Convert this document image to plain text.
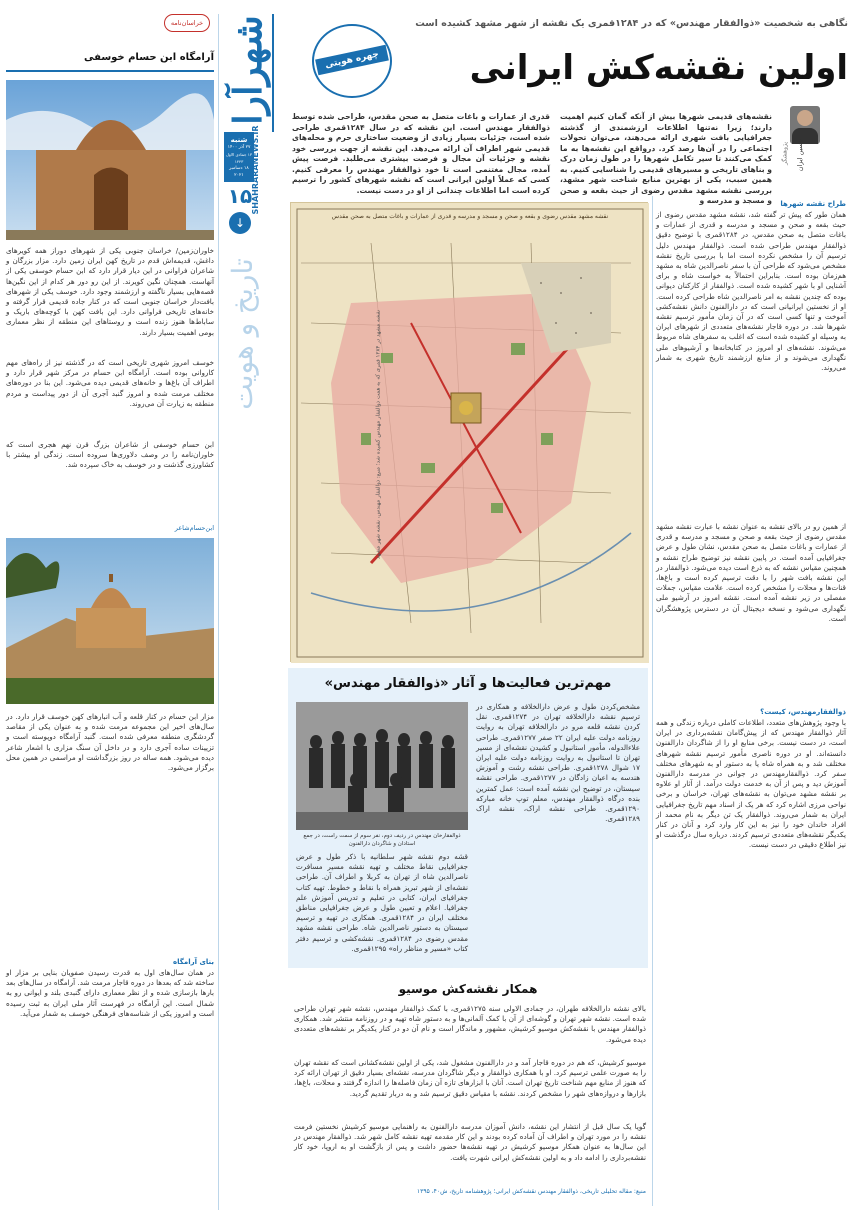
شهرآرا
شنبه
۲۷ آذر ۱۴۰۰
۱۳ جمادی الاول ۱۴۴۳
۱۸ دسامبر ۲۰۲۱ SHAHRARANEWS.IR
۱۵
↓
تاریخ و هویت
نگاهی به شخصیت «ذوالفقار مهندس» که در ۱۲۸۴قمری یک نقشه از شهر مشهد کشیده است
چهره هویتی	اولین نقشه‌کش ایرانی
حسین ایزان
پژوهشگر
نقشه‌های قدیمی شهرها بیش از آنکه گمان کنیم اهمیت دارند؛ زیرا نه‌تنها اطلاعات ارزشمندی از گذشته جغرافیایی بافت شهری ارائه می‌دهند، می‌توان تحولات اجتماعی را در آن‌ها رصد کرد. درواقع این نقشه‌ها به ما کمک می‌کنند تا سیر تکامل شهرها را در طول زمان درک و بناهای تاریخی و مسیرهای قدیمی را شناسایی کنیم. به همین سبب، یکی از بهترین منابع شناخت شهر مشهد، بررسی نقشه مشهد مقدس رضوی از حیث بقعه و صحن و مسجد و مدرسه و
قدری از عمارات و باغات متصل به صحن مقدس، طراحی شده توسط ذوالفقار مهندس است. این نقشه که در سال ۱۲۸۴قمری طراحی شده است، جزئیات بسیار زیادی از وضعیت ساختاری حرم و محله‌های قدیمی شهر اطراف آن ارائه می‌دهد. این نقشه از جهت بررسی خود نقشه و جزئیات آن مجال و فرصت بیشتری می‌طلبد. فرصت پیش آمده، مجال مغتنمی است تا خود ذوالفقار مهندس را معرفی کنیم. کسی که عملاً اولین ایرانی است که نقشه شهرهای کشور را ترسیم کرده است اما اطلاعات چندانی از او در دست نیست.
نقشه مشهد مقدس رضوی و بقعه و صحن و مسجد و مدرسه و قدری از عمارات و باغات متصل به صحن مقدس
نقشه مشهد در ۱۲۸۴ قمری که به همت ذوالفقار مهندس کشیده شد؛ منبع: ذوالفقار مهندس، نقشه شهر مشهد
طراح نقشه شهرها
همان طور که پیش تر گفته شد، نقشه مشهد مقدس رضوی از حیث بقعه و صحن و مسجد و مدرسه و قدری از عمارات و باغات متصل به صحن مقدس، در ۱۲۸۴قمری با توضیح دقیق ذوالفقار مهندس طراحی شده است. ذوالفقار مهندس دلیل ترسیم آن را مشخص نکرده است اما با بررسی تاریخ نقشه مشخص می‌شود که طراحی آن با سفر ناصرالدین شاه به مشهد هم‌زمان بوده است. بنابراین احتمالاً به خواست شاه و برای آشنایی او با شهر کشیده شده است. ذوالفقار از کارکنان دیوانی بوده که چندین نقشه به امر ناصرالدین شاه طراحی کرده است. او از نخستین ایرانیانی است که در دارالفنون دانش نقشه‌کشی آموخت و تنها کسی است که در آن زمان مأمور ترسیم نقشه شهرها شد. در دوره قاجار نقشه‌های متعددی از شهرهای ایران به وسیله او کشیده شده است که اغلب به سفرهای شاه مربوط می‌شوند. نقشه‌های او امروز در کتابخانه‌ها و آرشیوهای ملی نگهداری می‌شوند و از منابع ارزشمند تاریخ شهری به شمار می‌روند.
از همین رو در بالای نقشه به عنوان نقشه با عبارت نقشه مشهد مقدس رضوی از حیث بقعه و صحن و مسجد و مدرسه و قدری از عمارات و باغات متصل به صحن مقدس، نشان طول و عرض جغرافیایی آمده است. در پایین نقشه نیز توضیح طراح نقشه و همچنین مقیاس نقشه که به ذرع است دیده می‌شود. ذوالفقار در این نقشه بافت شهر را با دقت ترسیم کرده است و باغ‌ها، قنات‌ها و محلات را مشخص کرده است. علامت مقیاس، جملات مفصلی در زیر نقشه آمده است. نقشه امروز در آرشیو ملی نگهداری می‌شود و نسخه دیجیتال آن در دسترس پژوهشگران است.
ذوالفقارمهندس، کیست؟
با وجود پژوهش‌های متعدد، اطلاعات کاملی درباره زندگی و همه آثار ذوالفقار مهندس که از پیش‌گامان نقشه‌برداری در ایران است، در دست نیست. برخی منابع او را از شاگردان دارالفنون دانسته‌اند. او در دوره ناصری مأمور ترسیم نقشه شهرهای مختلف شد و به همراه شاه یا به دستور او به شهرهای مختلف سفر کرد. ذوالفقارمهندس در جوانی در مدرسه دارالفنون آموزش دید و پس از آن به خدمت دولت درآمد. از آثار او علاوه بر نقشه مشهد می‌توان به نقشه‌های تهران، خراسان و برخی نواحی مرزی اشاره کرد که هر یک از اسناد مهم تاریخ جغرافیایی ایران به شمار می‌روند. ذوالفقار یک تن دیگر به نام محمد از افراد خاندان خود را نیز به این کار وارد کرد و آنان در کنار یکدیگر نقشه‌های متعددی ترسیم کردند. درباره سال درگذشت او نیز اطلاع دقیقی در دست نیست.
مهم‌ترین فعالیت‌ها و آثار «ذوالفقار مهندس»
مشخص‌کردن طول و عرض دارالخلافه و همکاری در ترسیم نقشه دارالخلافه تهران در ۱۲۷۴قمری. نقل کردن نقشه قلعه مرو در دارالخلافه تهران به روایت روزنامه دولت علیه ایران ۲۲ صفر ۱۲۷۷قمری. طراحی علاءالدوله، مأمور استانبول و کشیدن نقشه‌ای از مسیر تهران تا استانبول به روایت روزنامه دولت علیه ایران ۱۷ شوال ۱۲۷۸قمری. طراحی نقشه رشت و آموزش هندسه به اعیان زادگان در ۱۲۷۷قمری. طراحی نقشه سیستان، در توضیح این نقشه آمده است: عمل کمترین بنده درگاه ذوالفقار مهندس، معلم توپ خانه مبارکه ۱۲۹۰قمری. طراحی نقشه اراک، نقشه اراک ۱۲۸۹قمری.
ذوالفقارخان مهندس در ردیف دوم، نفر سوم از سمت راست، در جمع استادان و شاگردان دارالفنون
قشه دوم نقشه شهر سلطانیه با ذکر طول و عرض جغرافیایی نقاط مختلف و تهیه نقشه مسیر مسافرت ناصرالدین شاه از تهران به کربلا و اطراف آن. طراحی نقشه‌ای از شهر تبریز همراه با نقاط و خطوط. تهیه کتاب جغرافیای ایران، کتابی در تعلیم و تدریس آموزش علم جغرافیا. اعلام و تعیین طول و عرض جغرافیایی مناطق مختلف ایران در ۱۲۸۴قمری. همکاری در تهیه و ترسیم سیستان به دستور ناصرالدین شاه. طراحی نقشه مشهد مقدس رضوی در ۱۲۸۴قمری. نقشه‌کشی و ترسیم دفتر کتاب «مسیر و مناظر راه» ۱۲۹۵قمری.
همکار نقشه‌کش موسیو
بالای نقشه دارالخلافه طهران، در جمادی الاولی سنه ۱۲۷۵قمری، با کمک ذوالفقار مهندس، نقشه شهر تهران طراحی شده است. نقشه شهر تهران و گوشه‌ای از آن با کمک آلمانی‌ها و به دستور شاه تهیه و در روزنامه منتشر شد. همکاری ذوالفقار مهندس با نقشه‌کش موسیو کرشیش، مشهور و ماندگار است و نام آن دو در کنار یکدیگر بر نقشه‌های متعددی دیده می‌شود.
موسیو کرشیش، که هم در دوره قاجار آمد و در دارالفنون مشغول شد، یکی از اولین نقشه‌کشانی است که نقشه تهران را به صورت علمی ترسیم کرد. او با همکاری ذوالفقار و دیگر شاگردان مدرسه، نقشه‌ای بسیار دقیق از تهران ارائه کرد که هنوز از منابع مهم شناخت تاریخ تهران است. آنان با ابزارهای تازه آن زمان فاصله‌ها را اندازه گرفتند و محلات، باغ‌ها، بازارها و دروازه‌های شهر را مشخص کردند. نقشه با مقیاس دقیق ترسیم شد و به دربار تقدیم گردید.
گویا یک سال قبل از انتشار این نقشه، دانش آموزان مدرسه دارالفنون به راهنمایی موسیو کرشیش نخستین فرمت نقشه را در مورد تهران و اطراف آن آماده کرده بودند و این کار مقدمه تهیه نقشه کامل شهر شد. ذوالفقار مهندس در این سال‌ها به عنوان همکار موسیو کرشیش در تهیه نقشه‌ها حضور داشت و پس از بازگشت او به اروپا، خود کار نقشه‌برداری را ادامه داد و به اولین نقشه‌کش ایرانی شهرت یافت.
منبع: مقاله تحلیلی تاریخی، ذوالفقار مهندس نقشه‌کش ایرانی؛ پژوهشنامه تاریخ، ش۴۰، ۱۳۹۵
خراسان‌نامه
آرامگاه ابن حسام خوسفی
خاوران‌زمین/ خراسان جنوبی یکی از شهرهای دوراز همه کویرهای داغش، قدیمه‌اش قدم در تاریخ کهن ایران زمین دارد. مزار بزرگان و شاعران فراوانی در این دیار قرار دارد که ابن حسام خوسفی یکی از آنهاست. همچنان نگین کویرند. از این رو دور هر کدام از این نگین‌ها قصه‌هایی بسیار ناگفته و ارزشمند وجود دارد. خوسف یکی از شهرهای بافت‌دار خراسان جنوبی است که در کنار جاده قدیمی قرار گرفته و خانه‌های تاریخی فراوانی دارد. این بافت کهن با کوچه‌های باریک و ساباط‌ها هنوز زنده است و روستاهای این منطقه از نظر معماری بومی اهمیت بسیار دارند.
خوسف امروز شهری تاریخی است که در گذشته نیز از راه‌های مهم کاروانی بوده است. آرامگاه ابن حسام در مرکز شهر قرار دارد و اطراف آن باغ‌ها و خانه‌های قدیمی دیده می‌شود. این بنا در دوره‌های مختلف مرمت شده و امروز گنبد آجری آن از دور پیداست و مردم منطقه به زیارت آن می‌روند.
ابن حسام خوسفی از شاعران بزرگ قرن نهم هجری است که خاوران‌نامه را در وصف دلاوری‌ها سروده است. زندگی او بیشتر با کشاورزی گذشت و در خوسف به خاک سپرده شد.
ابن‌حسام‌شاعر
مزار ابن حسام در کنار قلعه و آب انبارهای کهن خوسف قرار دارد. در سال‌های اخیر این مجموعه مرمت شده و به عنوان یکی از مقاصد گردشگری منطقه معرفی شده است. گنبد آرامگاه دوپوسته است و تزیینات ساده آجری دارد و در داخل آن سنگ مزاری با اشعار شاعر دیده می‌شود. همه ساله در روز بزرگداشت او مراسمی در همین محل برگزار می‌شود.
بنای آرامگاه
در همان سال‌های اول به قدرت رسیدن صفویان بنایی بر مزار او ساخته شد که بعدها در دوره قاجار مرمت شد. آرامگاه در سال‌های بعد بارها بازسازی شده و از نظر معماری دارای گنبدی بلند و ایوانی رو به شمال است. این آرامگاه در فهرست آثار ملی ایران به ثبت رسیده است و امروز یکی از شناسه‌های فرهنگی خوسف به شمار می‌آید.
